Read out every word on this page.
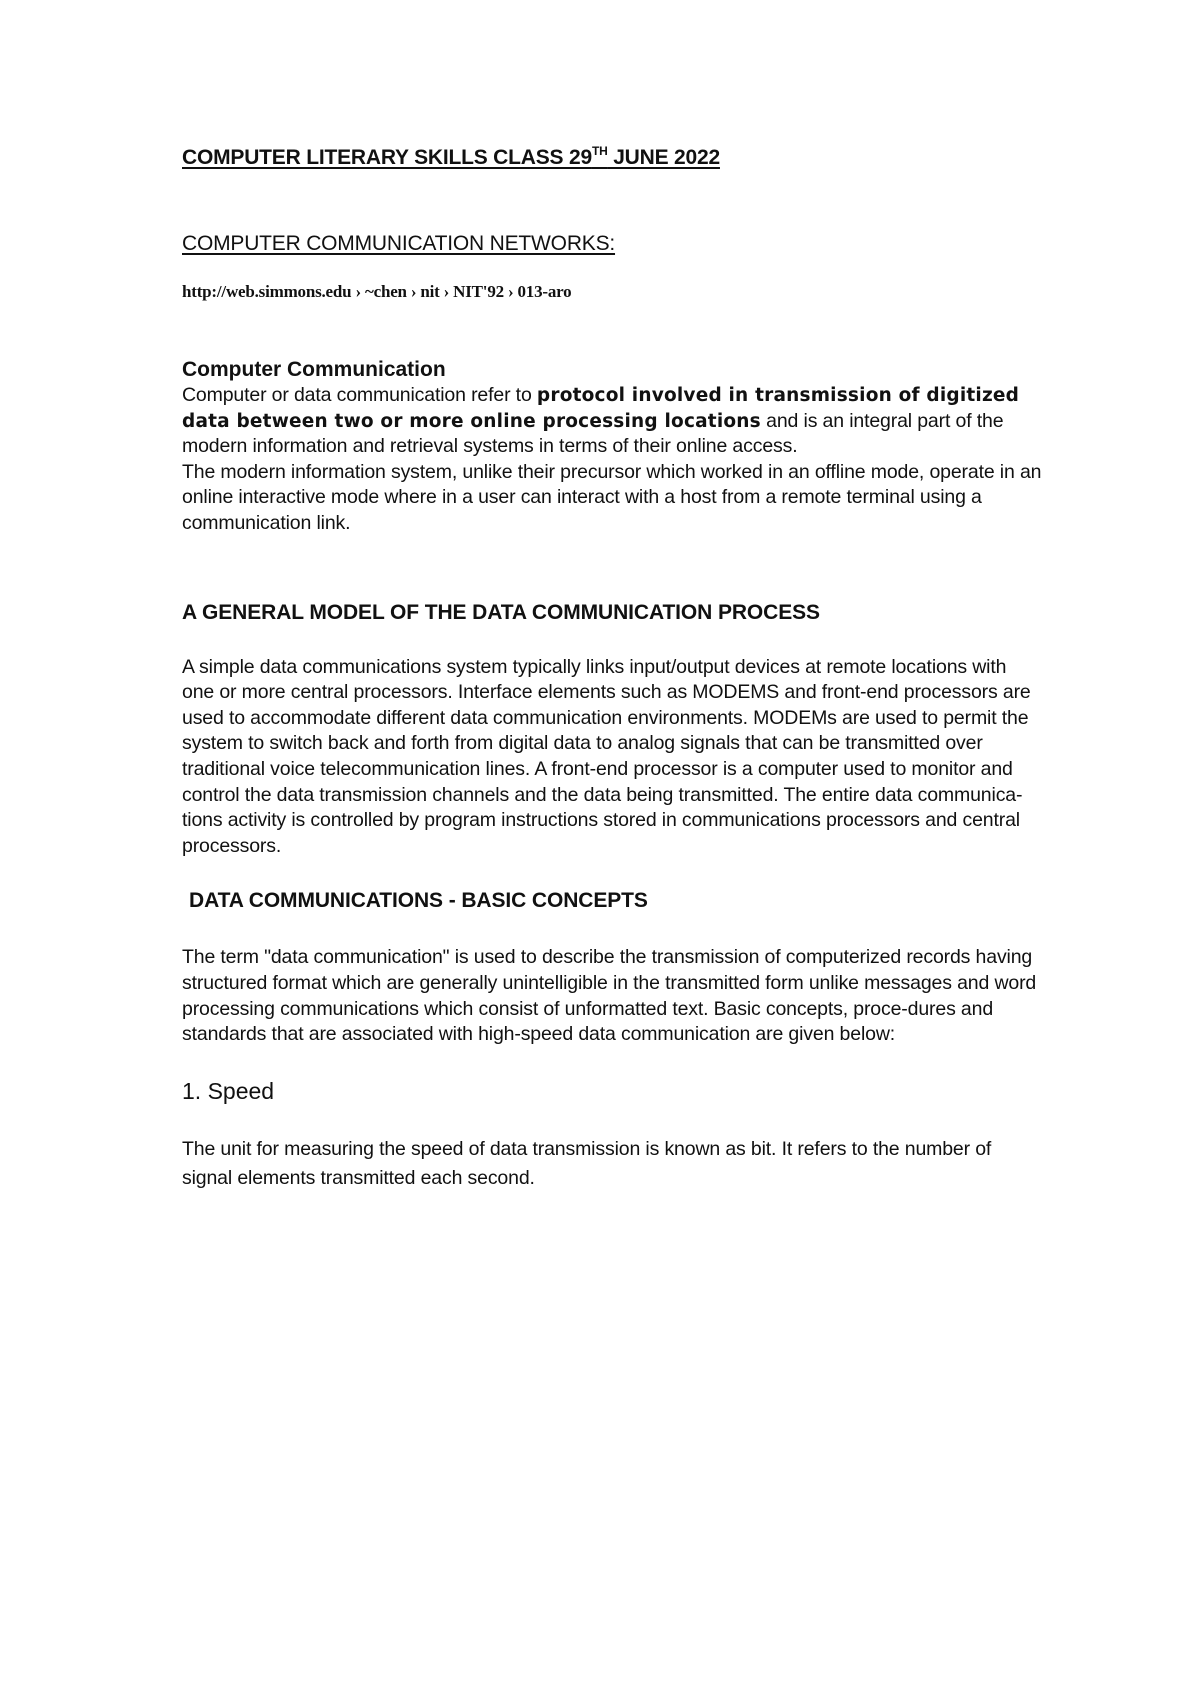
COMPUTER LITERARY SKILLS CLASS 29TH JUNE 2022
COMPUTER COMMUNICATION NETWORKS:
http://web.simmons.edu › ~chen › nit › NIT'92 › 013-aro
Computer Communication

Computer or data communication refer to protocol involved in transmission of digitized data between two or more online processing locations and is an integral part of the modern information and retrieval systems in terms of their online access.

The modern information system, unlike their precursor which worked in an offline mode, operate in an online interactive mode where in a user can interact with a host from a remote terminal using a communication link.

A GENERAL MODEL OF THE DATA COMMUNICATION PROCESS

A simple data communications system typically links input/output devices at remote locations with one or more central processors. Interface elements such as MODEMS and front-end processors are used to accommodate different data communication environments. MODEMs are used to permit the system to switch back and forth from digital data to analog signals that can be transmitted over traditional voice telecommunication lines. A front-end processor is a computer used to monitor and control the data transmission channels and the data being transmitted. The entire data communica-tions activity is controlled by program instructions stored in communications processors and central processors.

DATA COMMUNICATIONS - BASIC CONCEPTS

The term "data communication" is used to describe the transmission of computerized records having structured format which are generally unintelligible in the transmitted form unlike messages and word processing communications which consist of unformatted text. Basic concepts, proce-dures and standards that are associated with high-speed data communication are given below:

1. Speed

The unit for measuring the speed of data transmission is known as bit. It refers to the number of signal elements transmitted each second.
